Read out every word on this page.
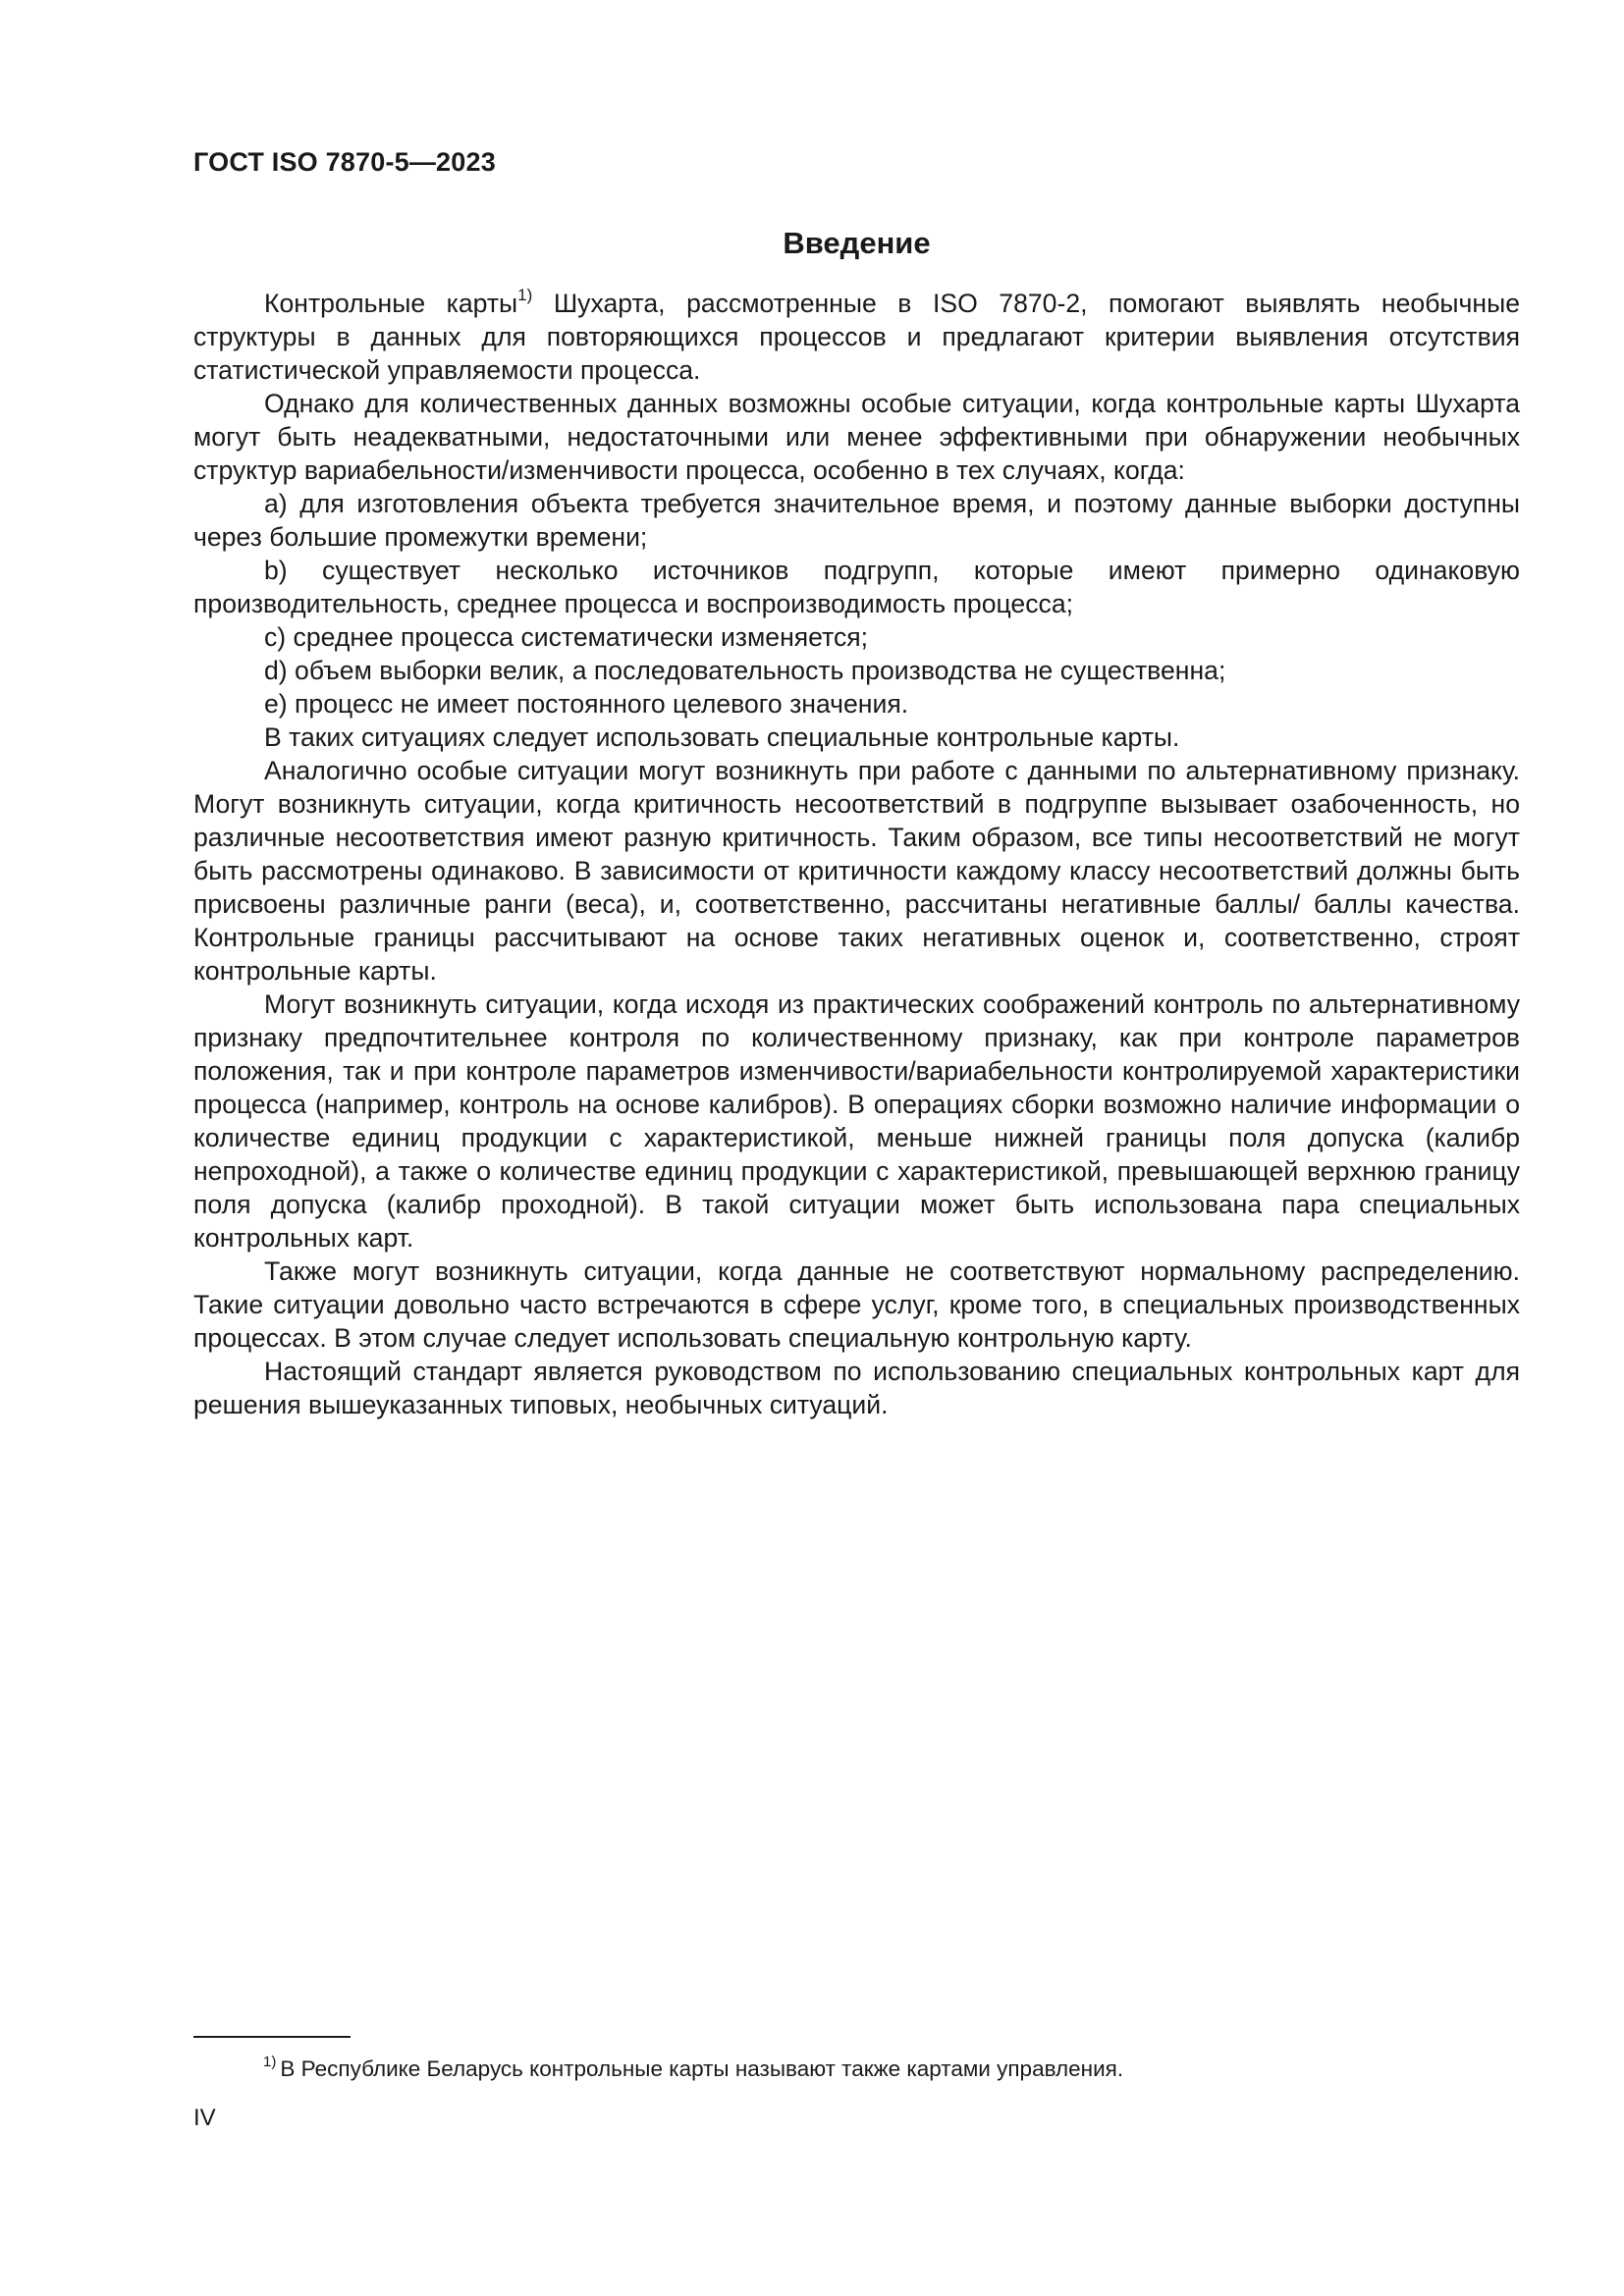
ГОСТ ISO 7870-5—2023
Введение

Контрольные карты$^{1)}$ Шухарта, рассмотренные в ISO 7870-2, помогают выявлять необычные структуры в данных для повторяющихся процессов и предлагают критерии выявления отсутствия статистической управляемости процесса.

Однако для количественных данных возможны особые ситуации, когда контрольные карты Шухарта могут быть неадекватными, недостаточными или менее эффективными при обнаружении необычных структур вариабельности/изменчивости процесса, особенно в тех случаях, когда:

a) для изготовления объекта требуется значительное время, и поэтому данные выборки доступны через большие промежутки времени;

b) существует несколько источников подгрупп, которые имеют примерно одинаковую производительность, среднее процесса и воспроизводимость процесса;

c) среднее процесса систематически изменяется;

d) объем выборки велик, а последовательность производства не существенна;

e) процесс не имеет постоянного целевого значения.

В таких ситуациях следует использовать специальные контрольные карты.

Аналогично особые ситуации могут возникнуть при работе с данными по альтернативному признаку. Могут возникнуть ситуации, когда критичность несоответствий в подгруппе вызывает озабоченность, но различные несоответствия имеют разную критичность. Таким образом, все типы несоответствий не могут быть рассмотрены одинаково. В зависимости от критичности каждому классу несоответствий должны быть присвоены различные ранги (веса), и, соответственно, рассчитаны негативные баллы/ баллы качества. Контрольные границы рассчитывают на основе таких негативных оценок и, соответственно, строят контрольные карты.

Могут возникнуть ситуации, когда исходя из практических соображений контроль по альтернативному признаку предпочтительнее контроля по количественному признаку, как при контроле параметров положения, так и при контроле параметров изменчивости/вариабельности контролируемой характеристики процесса (например, контроль на основе калибров). В операциях сборки возможно наличие информации о количестве единиц продукции с характеристикой, меньше нижней границы поля допуска (калибр непроходной), а также о количестве единиц продукции с характеристикой, превышающей верхнюю границу поля допуска (калибр проходной). В такой ситуации может быть использована пара специальных контрольных карт.

Также могут возникнуть ситуации, когда данные не соответствуют нормальному распределению. Такие ситуации довольно часто встречаются в сфере услуг, кроме того, в специальных производственных процессах. В этом случае следует использовать специальную контрольную карту.

Настоящий стандарт является руководством по использованию специальных контрольных карт для решения вышеуказанных типовых, необычных ситуаций.

$^{1)}$ В Республике Беларусь контрольные карты называют также картами управления.
IV
